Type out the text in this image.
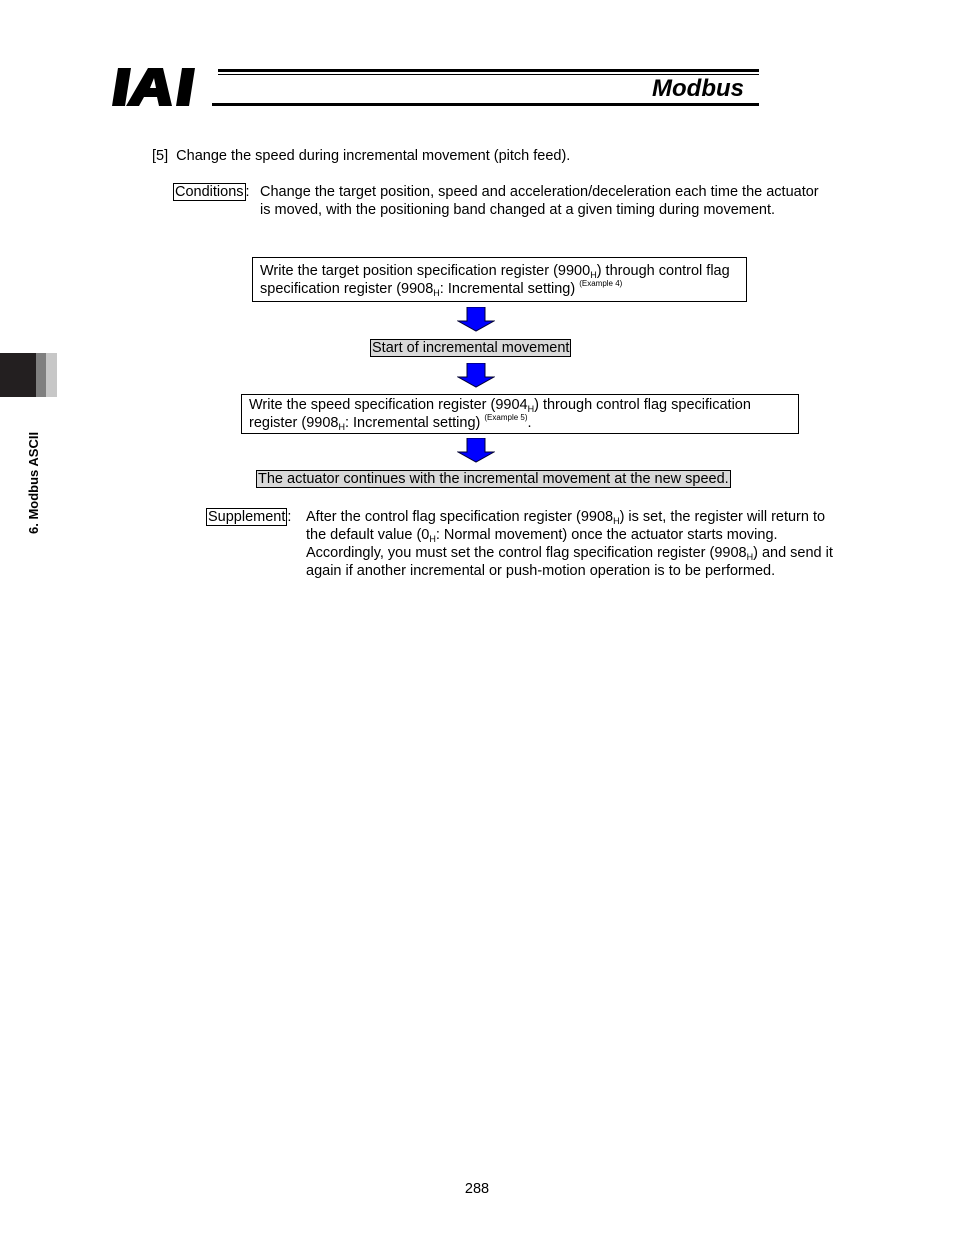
Modbus
6. Modbus ASCII
[5]  Change the speed during incremental movement (pitch feed).
Conditions : Change the target position, speed and acceleration/deceleration each time the actuator is moved, with the positioning band changed at a given timing during movement.
Write the target position specification register $(9900_H)$ through control flag specification register ($9908_H$: Incremental setting) $^{(Example 4)}$
Start of incremental movement
Write the speed specification register $(9904_H)$ through control flag specification register ($9908_H$: Incremental setting) $^{(Example 5)}$.
The actuator continues with the incremental movement at the new speed.
Supplement : After the control flag specification register $(9908_H)$ is set, the register will return to the default value ($0_H$: Normal movement) once the actuator starts moving. Accordingly, you must set the control flag specification register $(9908_H)$ and send it again if another incremental or push-motion operation is to be performed.
288
